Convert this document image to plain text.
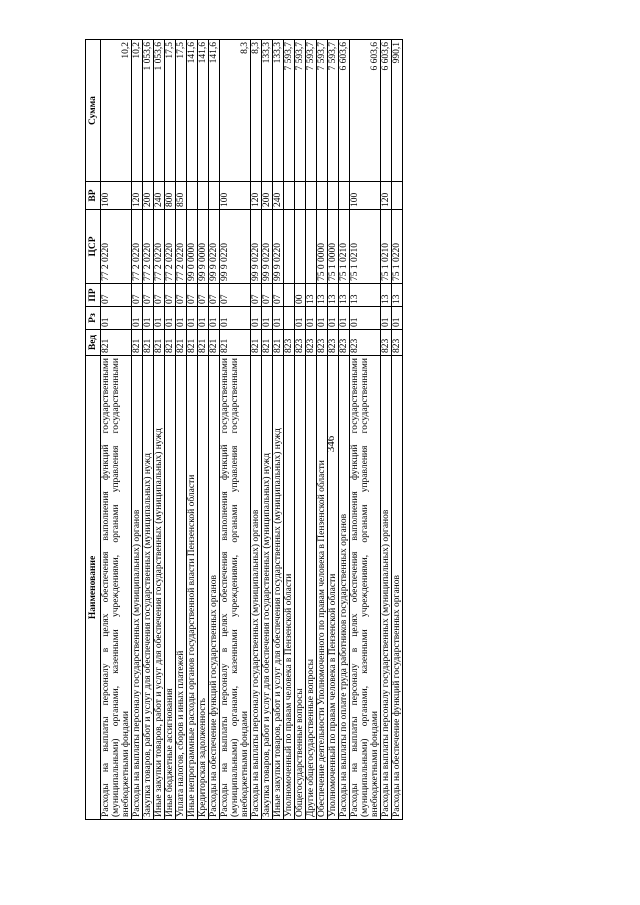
346
Наименование	Вед	Рз	ПР	ЦСР	ВР	Сумма
Расходы на выплаты персоналу в целях обеспечения выполнения функций государственными (муниципальными) органами, казенными учреждениями, органами управления государственными внебюджетными фондами	821	01	07	77 2 0220	100	10,2
Расходы на выплаты персоналу государственных (муниципальных) органов	821	01	07	77 2 0220	120	10,2
Закупка товаров, работ и услуг для обеспечения государственных (муниципальных) нужд	821	01	07	77 2 0220	200	1 053,6
Иные закупки товаров, работ и услуг для обеспечения государственных (муниципальных) нужд	821	01	07	77 2 0220	240	1 053,6
Иные бюджетные ассигнования	821	01	07	77 2 0220	800	17,5
Уплата налогов, сборов и иных платежей	821	01	07	77 2 0220	850	17,5
Иные непрограммные расходы органов государственной власти Пензенской области	821	01	07	99 0 0000		141,6
Кредиторская задолженность	821	01	07	99 9 0000		141,6
Расходы на обеспечение функций государственных органов	821	01	07	99 9 0220		141,6
Расходы на выплаты персоналу в целях обеспечения выполнения функций государственными (муниципальными) органами, казенными учреждениями, органами управления государственными внебюджетными фондами	821	01	07	99 9 0220	100	8,3
Расходы на выплаты персоналу государственных (муниципальных) органов	821	01	07	99 9 0220	120	8,3
Закупка товаров, работ и услуг для обеспечения государственных (муниципальных) нужд	821	01	07	99 9 0220	200	133,3
Иные закупки товаров, работ и услуг для обеспечения государственных (муниципальных) нужд	821	01	07	99 9 0220	240	133,3
Уполномоченный по правам человека в Пензенской области	823					7 593,7
Общегосударственные вопросы	823	01	00			7 593,7
Другие общегосударственные вопросы	823	01	13			7 593,7
Обеспечение деятельности Уполномоченного по правам человека в Пензенской области	823	01	13	75 0 0000		7 593,7
Уполномоченный по правам человека в Пензенской области	823	01	13	75 1 0000		7 593,7
Расходы на выплаты по оплате труда работников государственных органов	823	01	13	75 1 0210		6 603,6
Расходы на выплаты персоналу в целях обеспечения выполнения функций государственными (муниципальными) органами, казенными учреждениями, органами управления государственными внебюджетными фондами	823	01	13	75 1 0210	100	6 603,6
Расходы на выплаты персоналу государственных (муниципальных) органов	823	01	13	75 1 0210	120	6 603,6
Расходы на обеспечение функций государственных органов	823	01	13	75 1 0220		990,1
